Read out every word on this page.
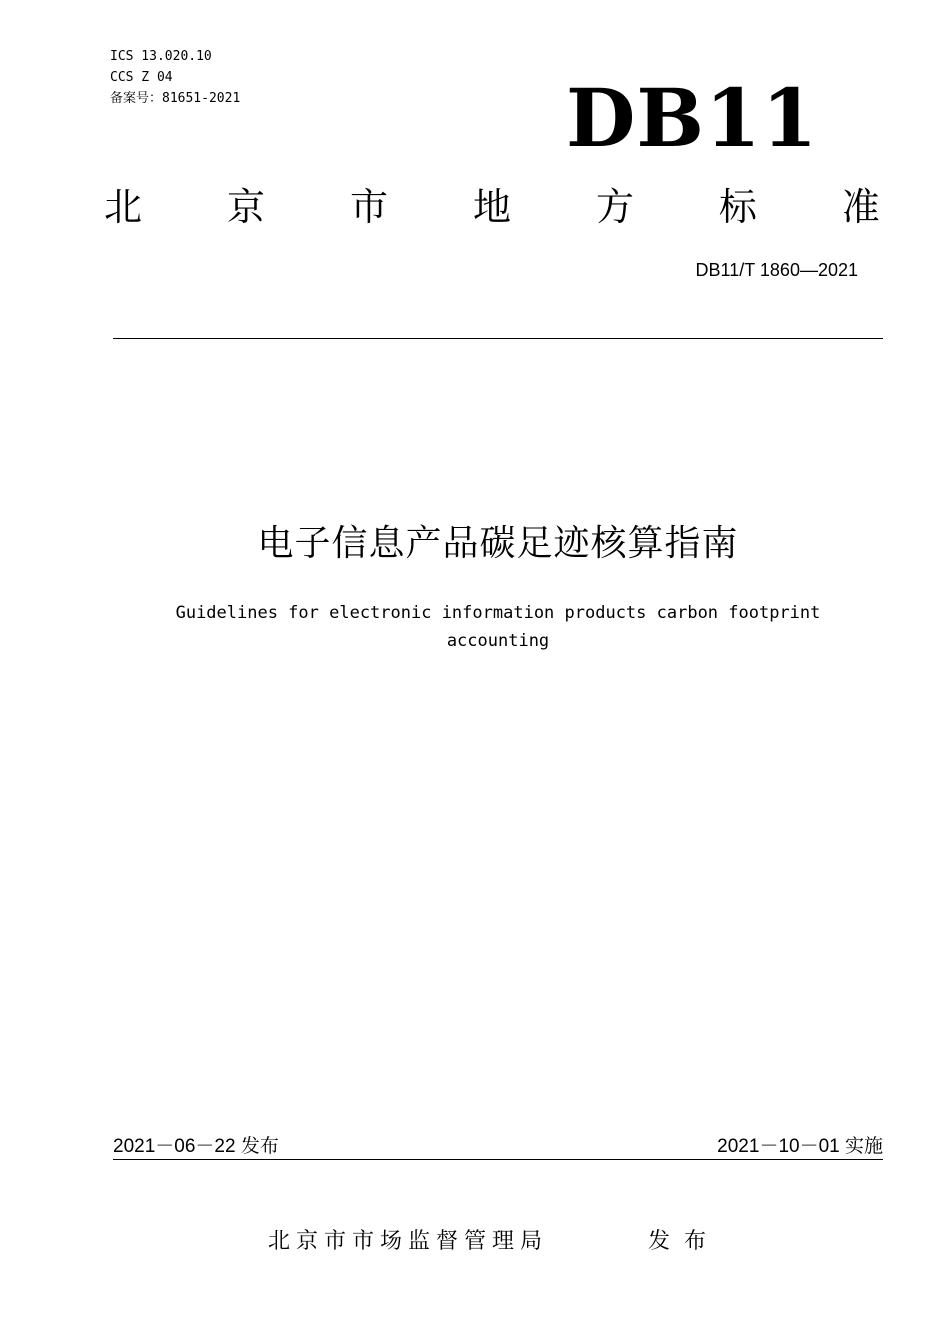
ICS 13.020.10
CCS Z 04
备案号：81651-2021	DB11
北 京 市 地 方 标 准
DB11/T 1860—2021
电子信息产品碳足迹核算指南
Guidelines for electronic information products carbon footprint accounting
2021－06－22 发布	2021－10－01 实施
北京市市场监督管理局	发布
